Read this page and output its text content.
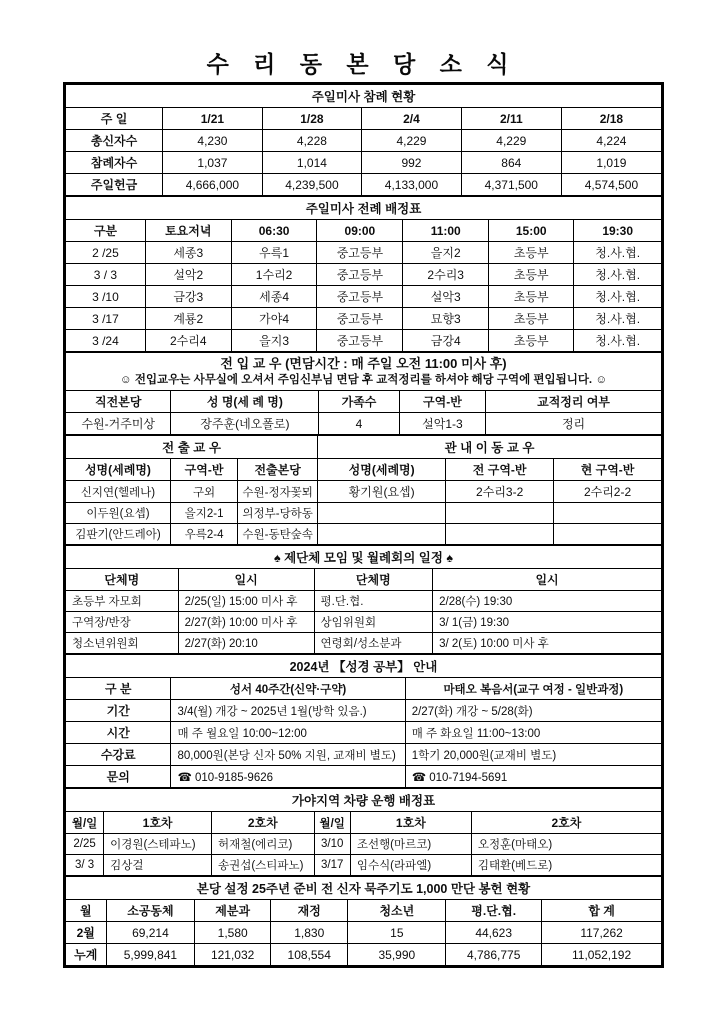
수 리 동 본 당 소 식
주일미사 참례 현황					
주 일	1/21	1/28	2/4	2/11	2/18
총신자수	4,230	4,228	4,229	4,229	4,224
참례자수	1,037	1,014	992	864	1,019
주일헌금	4,666,000	4,239,500	4,133,000	4,371,500	4,574,500
주일미사 전례 배정표						
구분	토요저녁	06:30	09:00	11:00	15:00	19:30
2 /25	세종3	우륵1	중고등부	을지2	초등부	청.사.협.
3 / 3	설악2	1수리2	중고등부	2수리3	초등부	청.사.협.
3 /10	금강3	세종4	중고등부	설악3	초등부	청.사.협.
3 /17	계룡2	가야4	중고등부	묘향3	초등부	청.사.협.
3 /24	2수리4	을지3	중고등부	금강4	초등부	청.사.협.
전 입 교 우 (면담시간 : 매 주일 오전 11:00 미사 후)
☺ 전입교우는 사무실에 오셔서 주임신부님 면담 후 교적정리를 하셔야 해당 구역에 편입됩니다. ☺				

직전본당	성 명(세 례 명)	가족수	구역-반	교적정리 여부
수원-거주미상	장주훈(네오폴로)	4	설악1-3	정리
전 출 교 우			관 내 이 동 교 우		
성명(세례명)	구역-반	전출본당	성명(세례명)	전 구역-반	현 구역-반
신지연(헬레나)	구외	수원-정자꽃뫼	황기원(요셉)	2수리3-2	2수리2-2
이두원(요셉)	을지2-1	의정부-당하동			
김판기(안드레아)	우륵2-4	수원-동탄숲속			
♠ 제단체 모임 및 월례회의 일정 ♠			
단체명	일시	단체명	일시
초등부 자모회	2/25(일) 15:00 미사 후	평.단.협.	2/28(수) 19:30
구역장/반장	2/27(화) 10:00 미사 후	상임위원회	3/ 1(금) 19:30
청소년위원회	2/27(화) 20:10	연령회/성소분과	3/ 2(토) 10:00 미사 후
2024년 【성경 공부】 안내		
구 분	성서 40주간(신약·구약)	마태오 복음서(교구 여정 - 일반과정)
기간	3/4(월) 개강 ~ 2025년 1월(방학 있음.)	2/27(화) 개강 ~ 5/28(화)
시간	매 주 월요일 10:00~12:00	매 주 화요일 11:00~13:00
수강료	80,000원(본당 신자 50% 지원, 교재비 별도)	1학기 20,000원(교재비 별도)
문의	☎ 010-9185-9626	☎ 010-7194-5691
가야지역 차량 운행 배정표					
월/일	1호차	2호차	월/일	1호차	2호차
2/25	이경원(스테파노)	허재철(에리코)	3/10	조선행(마르코)	오정훈(마태오)
3/ 3	김상걸	송권섭(스티파노)	3/17	임수식(라파엘)	김태환(베드로)
본당 설정 25주년 준비 전 신자 묵주기도 1,000 만단 봉헌 현황						
월	소공동체	제분과	재정	청소년	평.단.협.	합 계
2월	69,214	1,580	1,830	15	44,623	117,262
누계	5,999,841	121,032	108,554	35,990	4,786,775	11,052,192
